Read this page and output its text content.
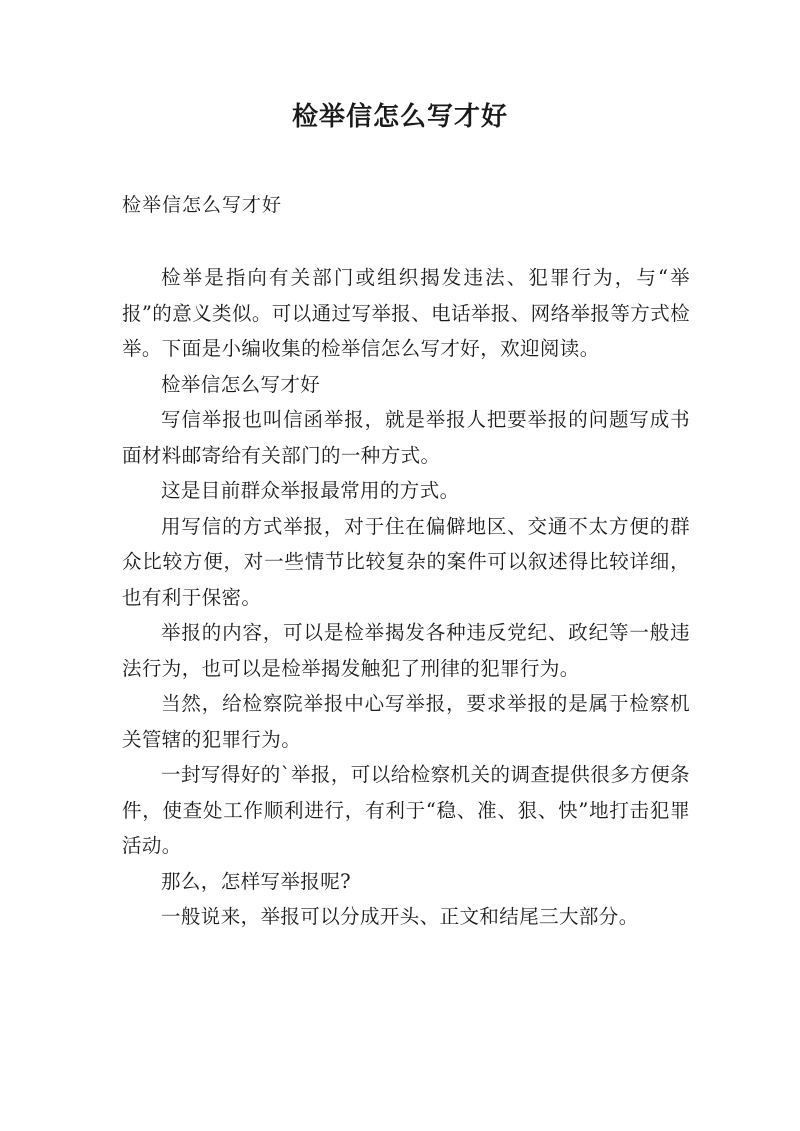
检举信怎么写才好
检举信怎么写才好

检举是指向有关部门或组织揭发违法、犯罪行为，与“举报”的意义类似。可以通过写举报、电话举报、网络举报等方式检举。下面是小编收集的检举信怎么写才好，欢迎阅读。

检举信怎么写才好

写信举报也叫信函举报，就是举报人把要举报的问题写成书面材料邮寄给有关部门的一种方式。

这是目前群众举报最常用的方式。

用写信的方式举报，对于住在偏僻地区、交通不太方便的群众比较方便，对一些情节比较复杂的案件可以叙述得比较详细，也有利于保密。

举报的内容，可以是检举揭发各种违反党纪、政纪等一般违法行为，也可以是检举揭发触犯了刑律的犯罪行为。

当然，给检察院举报中心写举报，要求举报的是属于检察机关管辖的犯罪行为。

一封写得好的`举报，可以给检察机关的调查提供很多方便条件，使查处工作顺利进行，有利于“稳、准、狠、快”地打击犯罪活动。

那么，怎样写举报呢?

一般说来，举报可以分成开头、正文和结尾三大部分。
